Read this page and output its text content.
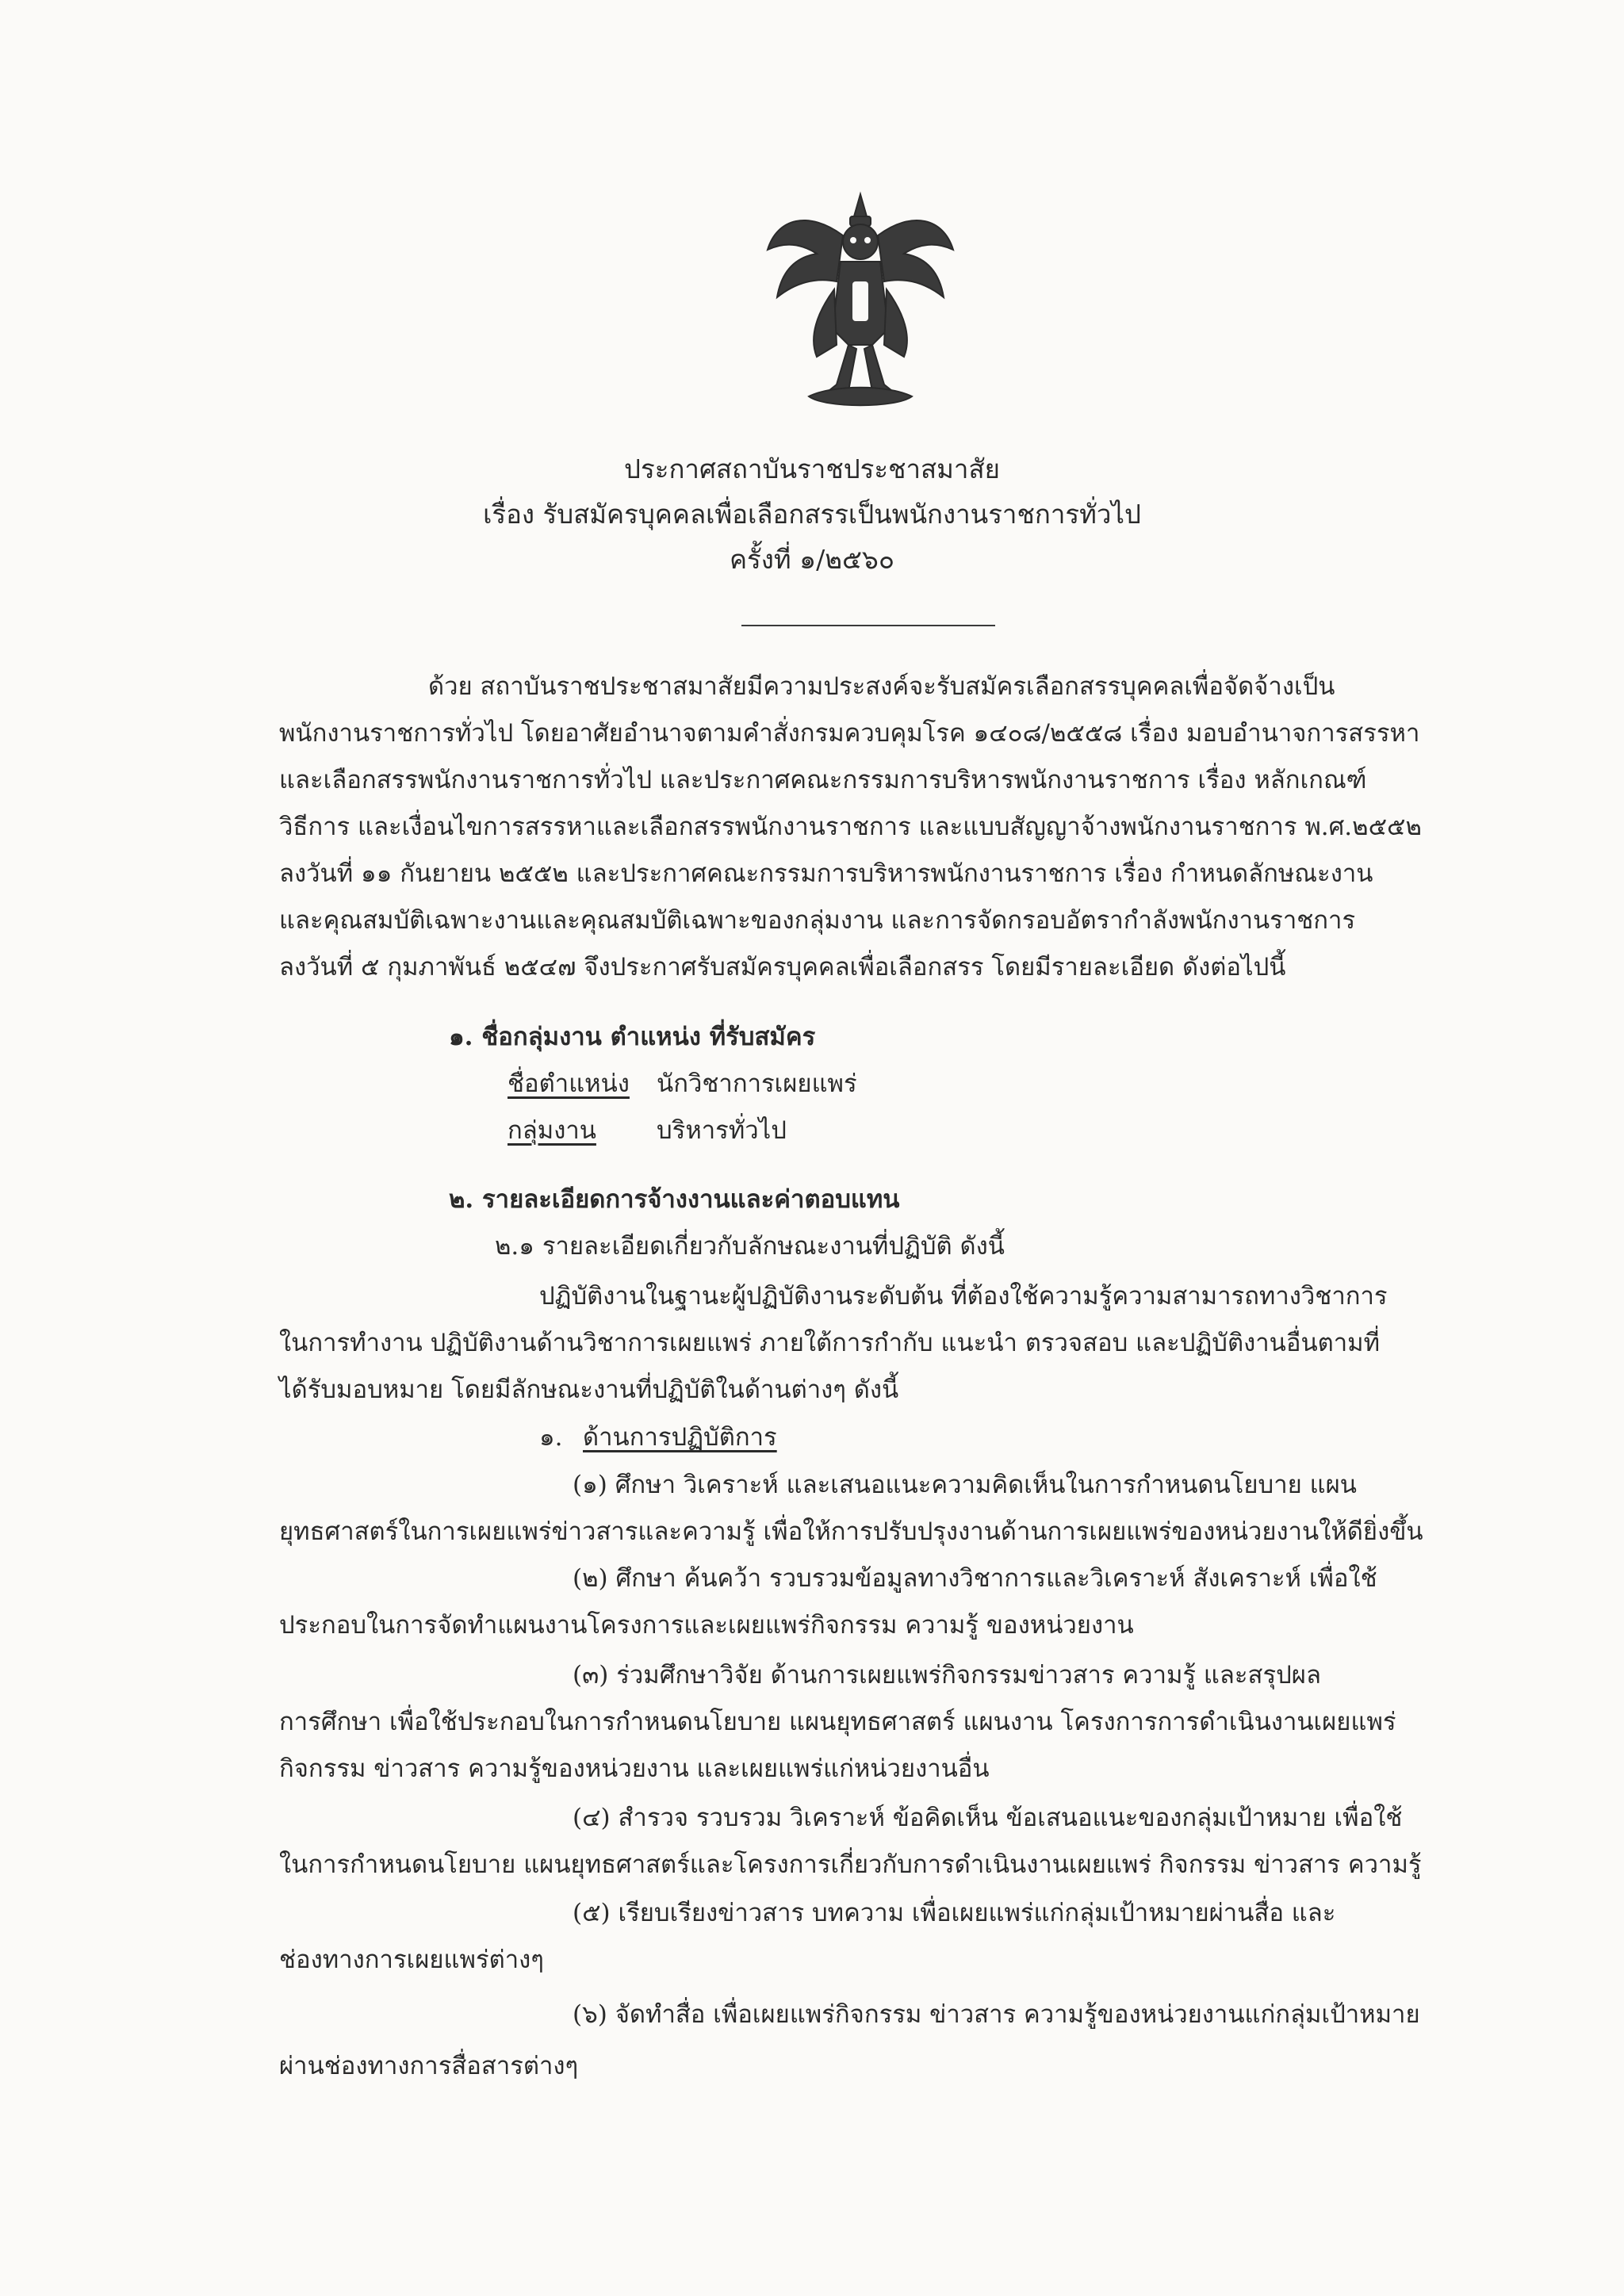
ประกาศสถาบันราชประชาสมาสัย
เรื่อง รับสมัครบุคคลเพื่อเลือกสรรเป็นพนักงานราชการทั่วไป
ครั้งที่ ๑/๒๕๖๐
ด้วย สถาบันราชประชาสมาสัยมีความประสงค์จะรับสมัครเลือกสรรบุคคลเพื่อจัดจ้างเป็น
พนักงานราชการทั่วไป โดยอาศัยอำนาจตามคำสั่งกรมควบคุมโรค ๑๔๐๘/๒๕๕๘ เรื่อง มอบอำนาจการสรรหา
และเลือกสรรพนักงานราชการทั่วไป และประกาศคณะกรรมการบริหารพนักงานราชการ เรื่อง หลักเกณฑ์
วิธีการ และเงื่อนไขการสรรหาและเลือกสรรพนักงานราชการ และแบบสัญญาจ้างพนักงานราชการ พ.ศ.๒๕๕๒
ลงวันที่ ๑๑ กันยายน ๒๕๕๒ และประกาศคณะกรรมการบริหารพนักงานราชการ เรื่อง กำหนดลักษณะงาน
และคุณสมบัติเฉพาะงานและคุณสมบัติเฉพาะของกลุ่มงาน และการจัดกรอบอัตรากำลังพนักงานราชการ
ลงวันที่ ๕ กุมภาพันธ์ ๒๕๔๗ จึงประกาศรับสมัครบุคคลเพื่อเลือกสรร โดยมีรายละเอียด ดังต่อไปนี้
๑. ชื่อกลุ่มงาน ตำแหน่ง ที่รับสมัคร
ชื่อตำแหน่ง นักวิชาการเผยแพร่
กลุ่มงาน บริหารทั่วไป
๒. รายละเอียดการจ้างงานและค่าตอบแทน
๒.๑ รายละเอียดเกี่ยวกับลักษณะงานที่ปฏิบัติ ดังนี้
ปฏิบัติงานในฐานะผู้ปฏิบัติงานระดับต้น ที่ต้องใช้ความรู้ความสามารถทางวิชาการ
ในการทำงาน ปฏิบัติงานด้านวิชาการเผยแพร่ ภายใต้การกำกับ แนะนำ ตรวจสอบ และปฏิบัติงานอื่นตามที่
ได้รับมอบหมาย โดยมีลักษณะงานที่ปฏิบัติในด้านต่างๆ ดังนี้
๑. ด้านการปฏิบัติการ
(๑) ศึกษา วิเคราะห์ และเสนอแนะความคิดเห็นในการกำหนดนโยบาย แผน
ยุทธศาสตร์ในการเผยแพร่ข่าวสารและความรู้ เพื่อให้การปรับปรุงงานด้านการเผยแพร่ของหน่วยงานให้ดียิ่งขึ้น
(๒) ศึกษา ค้นคว้า รวบรวมข้อมูลทางวิชาการและวิเคราะห์ สังเคราะห์ เพื่อใช้
ประกอบในการจัดทำแผนงานโครงการและเผยแพร่กิจกรรม ความรู้ ของหน่วยงาน
(๓) ร่วมศึกษาวิจัย ด้านการเผยแพร่กิจกรรมข่าวสาร ความรู้ และสรุปผล
การศึกษา เพื่อใช้ประกอบในการกำหนดนโยบาย แผนยุทธศาสตร์ แผนงาน โครงการการดำเนินงานเผยแพร่
กิจกรรม ข่าวสาร ความรู้ของหน่วยงาน และเผยแพร่แก่หน่วยงานอื่น
(๔) สำรวจ รวบรวม วิเคราะห์ ข้อคิดเห็น ข้อเสนอแนะของกลุ่มเป้าหมาย เพื่อใช้
ในการกำหนดนโยบาย แผนยุทธศาสตร์และโครงการเกี่ยวกับการดำเนินงานเผยแพร่ กิจกรรม ข่าวสาร ความรู้
(๕) เรียบเรียงข่าวสาร บทความ เพื่อเผยแพร่แก่กลุ่มเป้าหมายผ่านสื่อ และ
ช่องทางการเผยแพร่ต่างๆ
(๖) จัดทำสื่อ เพื่อเผยแพร่กิจกรรม ข่าวสาร ความรู้ของหน่วยงานแก่กลุ่มเป้าหมาย
ผ่านช่องทางการสื่อสารต่างๆ
